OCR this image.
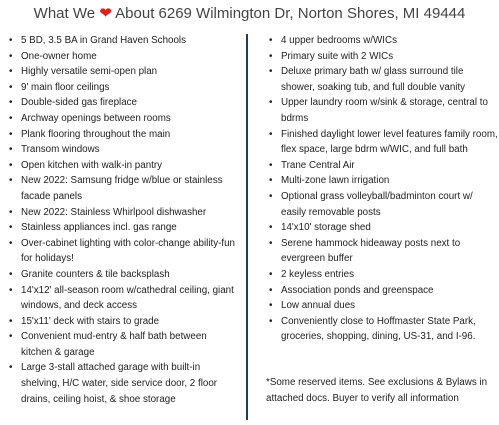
What We ❤ About 6269 Wilmington Dr, Norton Shores, MI 49444
• 5 BD, 3.5 BA in Grand Haven Schools
• One-owner home
• Highly versatile semi-open plan
• 9' main floor ceilings
• Double-sided gas fireplace
• Archway openings between rooms
• Plank flooring throughout the main
• Transom windows
• Open kitchen with walk-in pantry
• New 2022: Samsung fridge w/blue or stainless facade panels
• New 2022: Stainless Whirlpool dishwasher
• Stainless appliances incl. gas range
• Over-cabinet lighting with color-change ability-fun for holidays!
• Granite counters & tile backsplash
• 14'x12' all-season room w/cathedral ceiling, giant windows, and deck access
• 15'x11' deck with stairs to grade
• Convenient mud-entry & half bath between kitchen & garage
• Large 3-stall attached garage with built-in shelving, H/C water, side service door, 2 floor drains, ceiling hoist, & shoe storage
• 4 upper bedrooms w/WICs
• Primary suite with 2 WICs
• Deluxe primary bath w/ glass surround tile shower, soaking tub, and full double vanity
• Upper laundry room w/sink & storage, central to bdrms
• Finished daylight lower level features family room, flex space, large bdrm w/WIC, and full bath
• Trane Central Air
• Multi-zone lawn irrigation
• Optional grass volleyball/badminton court w/ easily removable posts
• 14'x10' storage shed
• Serene hammock hideaway posts next to evergreen buffer
• 2 keyless entries
• Association ponds and greenspace
• Low annual dues
• Conveniently close to Hoffmaster State Park, groceries, shopping, dining, US-31, and I-96.
*Some reserved items. See exclusions & Bylaws in attached docs. Buyer to verify all information
